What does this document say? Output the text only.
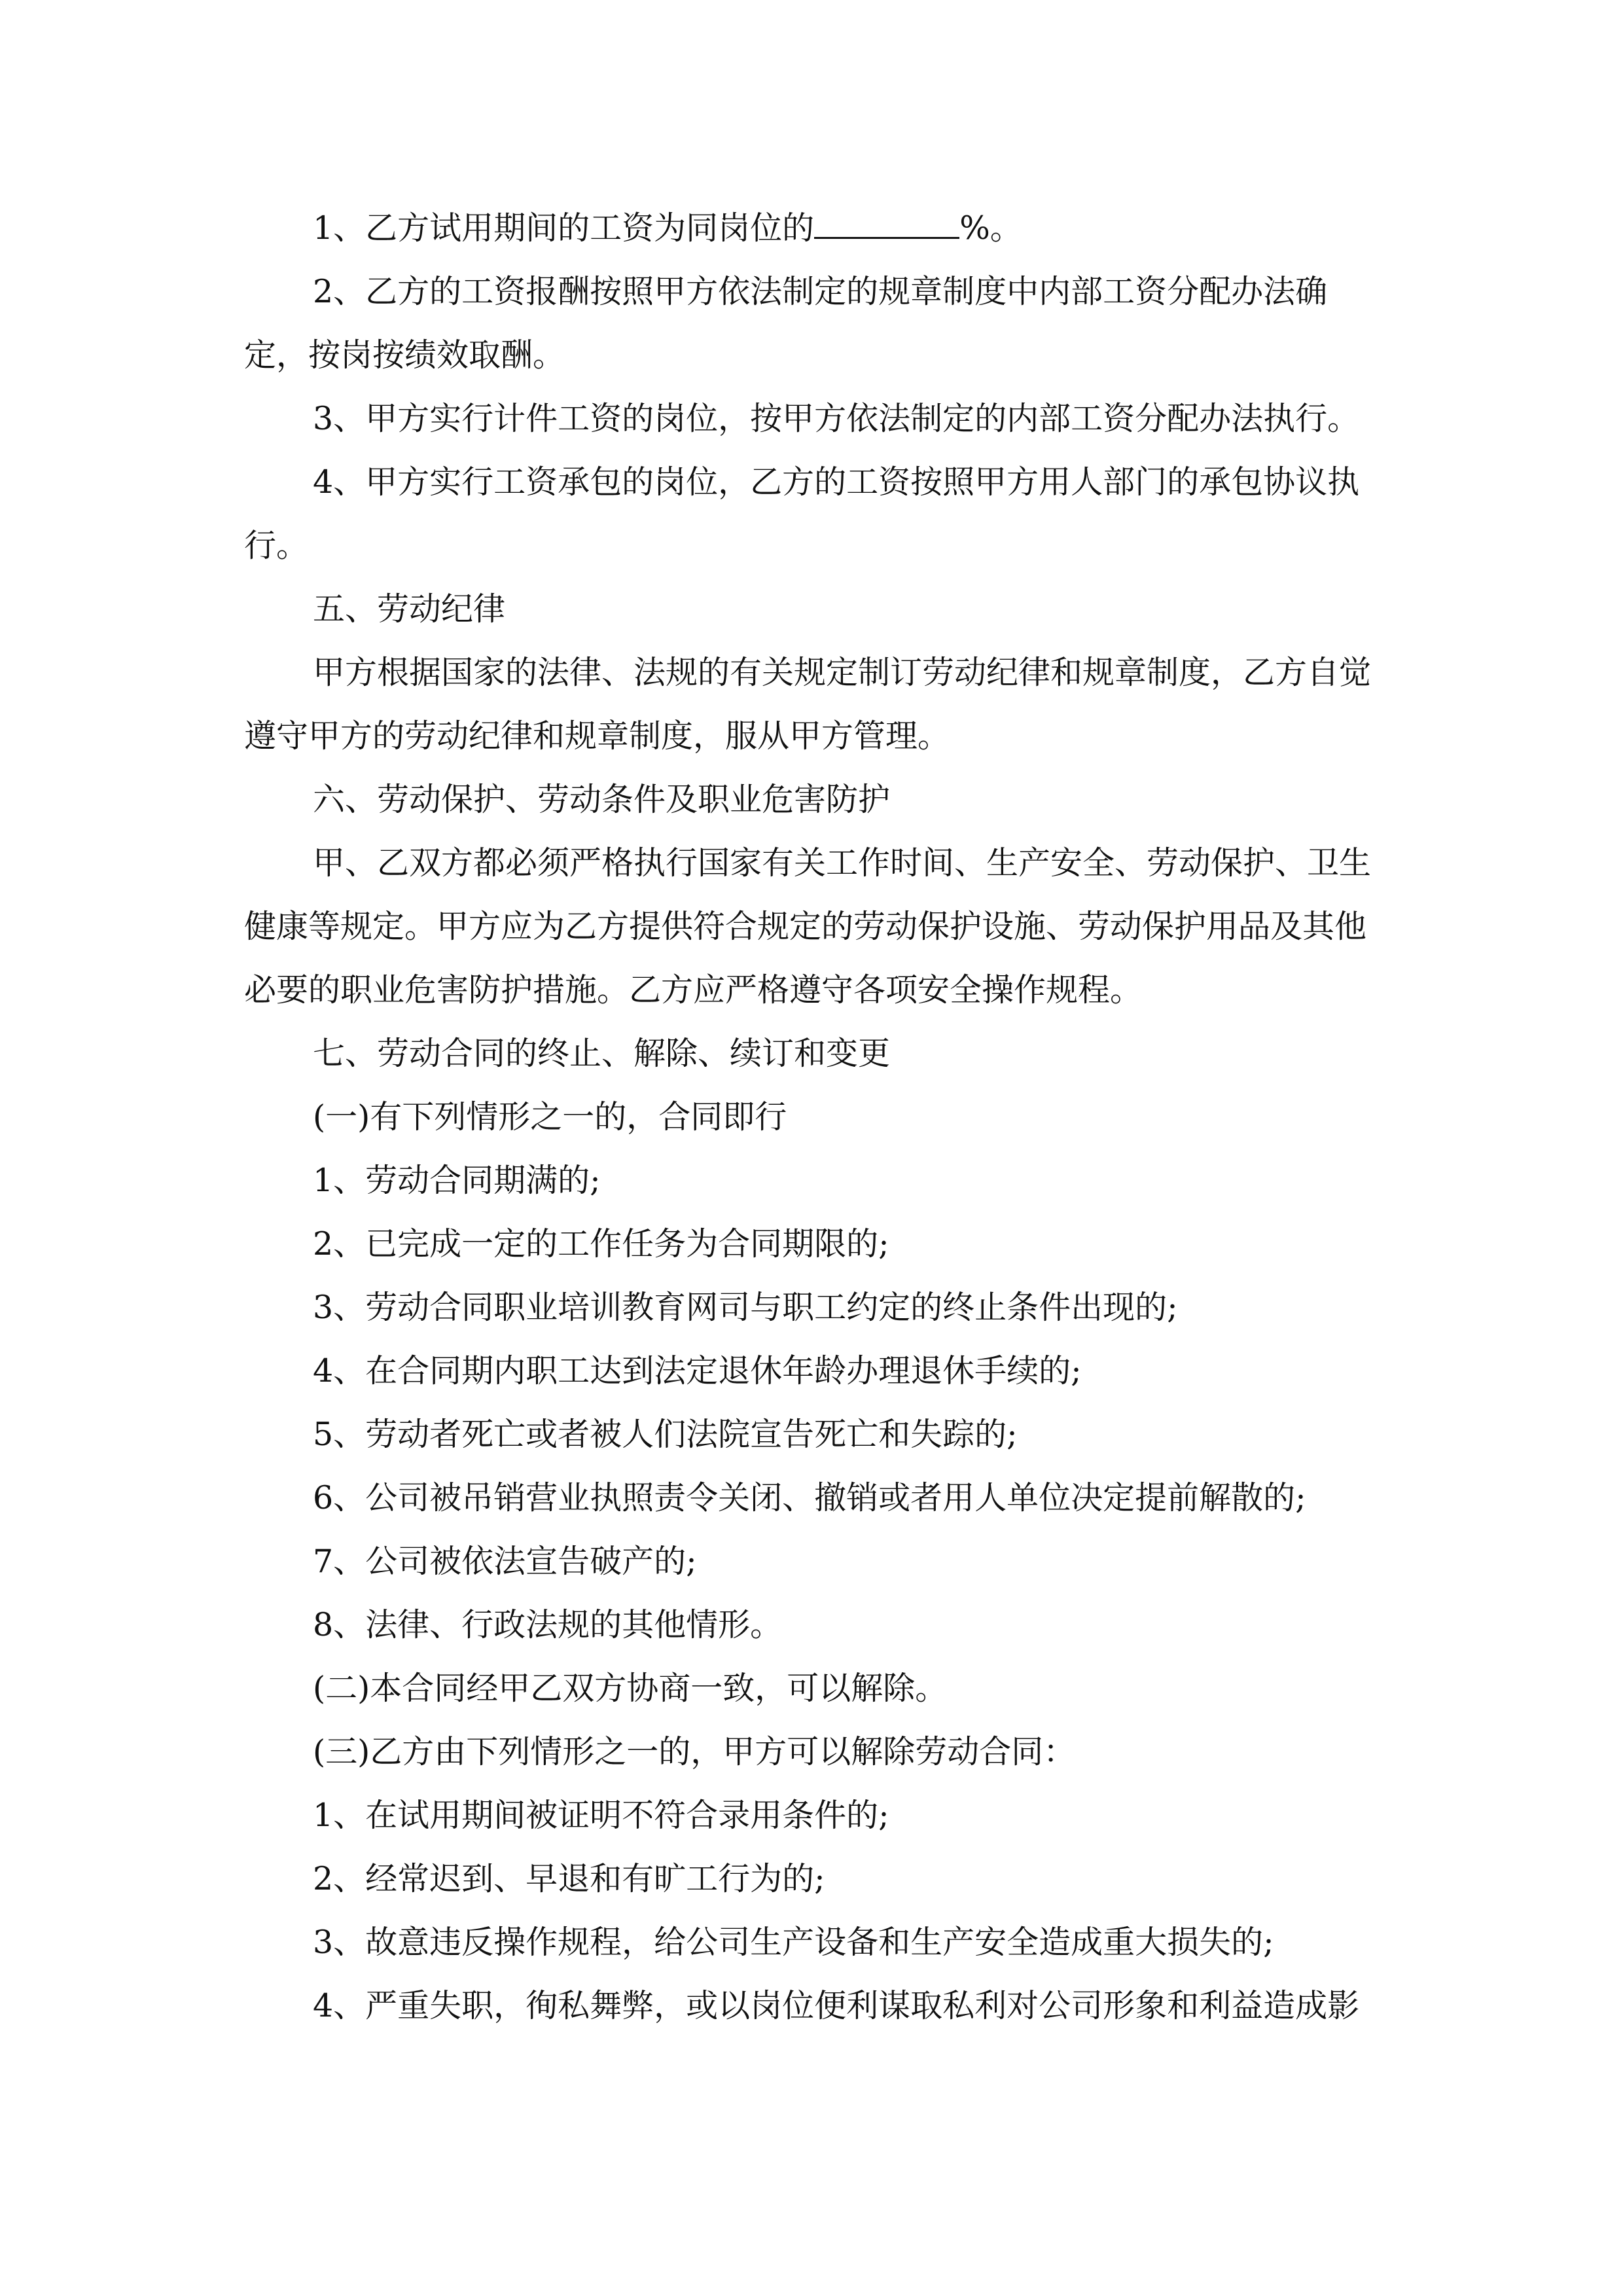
1、乙方试用期间的工资为同岗位的	%。

2、乙方的工资报酬按照甲方依法制定的规章制度中内部工资分配办法确定，按岗按绩效取酬。

3、甲方实行计件工资的岗位，按甲方依法制定的内部工资分配办法执行。

4、甲方实行工资承包的岗位，乙方的工资按照甲方用人部门的承包协议执行。

五、劳动纪律

甲方根据国家的法律、法规的有关规定制订劳动纪律和规章制度，乙方自觉遵守甲方的劳动纪律和规章制度，服从甲方管理。

六、劳动保护、劳动条件及职业危害防护

甲、乙双方都必须严格执行国家有关工作时间、生产安全、劳动保护、卫生健康等规定。甲方应为乙方提供符合规定的劳动保护设施、劳动保护用品及其他必要的职业危害防护措施。乙方应严格遵守各项安全操作规程。

七、劳动合同的终止、解除、续订和变更

(一)有下列情形之一的，合同即行

1、劳动合同期满的;

2、已完成一定的工作任务为合同期限的;

3、劳动合同职业培训教育网司与职工约定的终止条件出现的;

4、在合同期内职工达到法定退休年龄办理退休手续的;

5、劳动者死亡或者被人们法院宣告死亡和失踪的;

6、公司被吊销营业执照责令关闭、撤销或者用人单位决定提前解散的;

7、公司被依法宣告破产的;

8、法律、行政法规的其他情形。

(二)本合同经甲乙双方协商一致，可以解除。

(三)乙方由下列情形之一的，甲方可以解除劳动合同：

1、在试用期间被证明不符合录用条件的;

2、经常迟到、早退和有旷工行为的;

3、故意违反操作规程，给公司生产设备和生产安全造成重大损失的;

4、严重失职，徇私舞弊，或以岗位便利谋取私利对公司形象和利益造成影
